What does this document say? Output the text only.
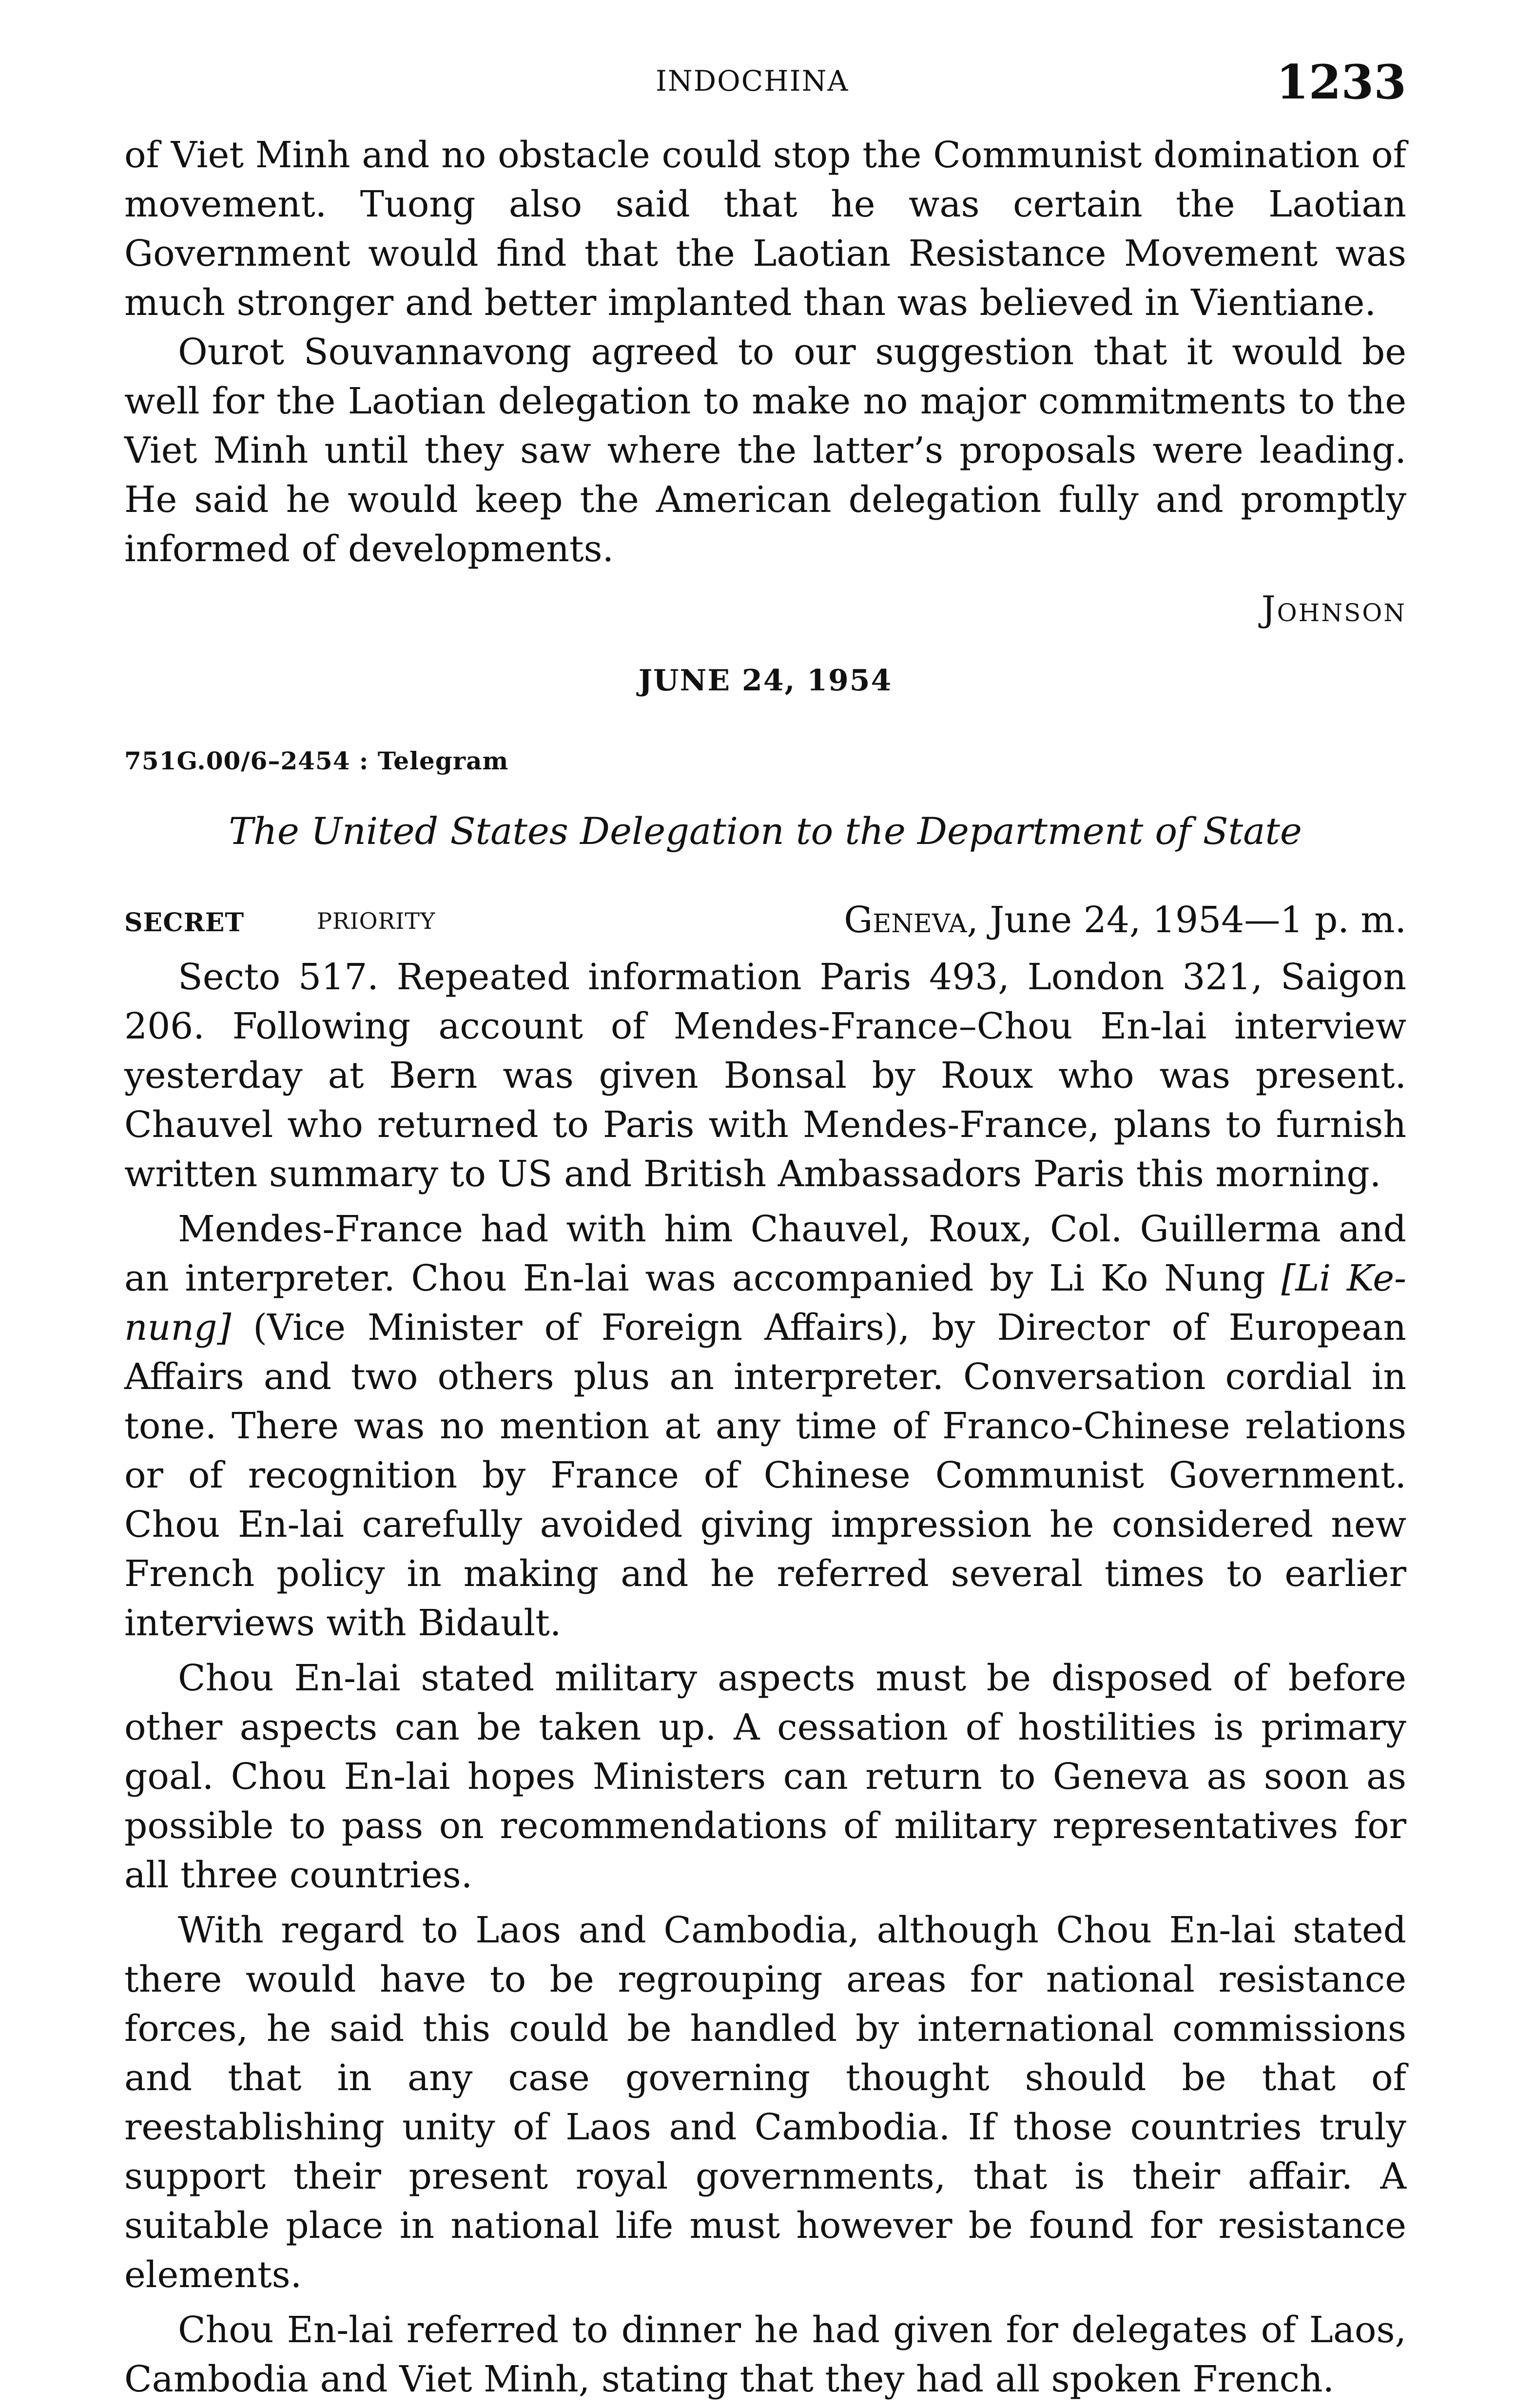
INDOCHINA	1233

of Viet Minh and no obstacle could stop the Communist domination of movement. Tuong also said that he was certain the Laotian Government would find that the Laotian Resistance Movement was much stronger and better implanted than was believed in Vientiane.

Ourot Souvannavong agreed to our suggestion that it would be well for the Laotian delegation to make no major commitments to the Viet Minh until they saw where the latter’s proposals were leading. He said he would keep the American delegation fully and promptly informed of developments.

Johnson
JUNE 24, 1954
751G.00/6–2454 : Telegram
The United States Delegation to the Department of State
SECRET	PRIORITY	Geneva, June 24, 1954—1 p. m.

Secto 517. Repeated information Paris 493, London 321, Saigon 206. Following account of Mendes-France–Chou En-lai interview yesterday at Bern was given Bonsal by Roux who was present. Chauvel who returned to Paris with Mendes-France, plans to furnish written summary to US and British Ambassadors Paris this morning.

Mendes-France had with him Chauvel, Roux, Col. Guillerma and an interpreter. Chou En-lai was accompanied by Li Ko Nung [Li Ke-nung] (Vice Minister of Foreign Affairs), by Director of European Affairs and two others plus an interpreter. Conversation cordial in tone. There was no mention at any time of Franco-Chinese relations or of recognition by France of Chinese Communist Government. Chou En-lai carefully avoided giving impression he considered new French policy in making and he referred several times to earlier interviews with Bidault.

Chou En-lai stated military aspects must be disposed of before other aspects can be taken up. A cessation of hostilities is primary goal. Chou En-lai hopes Ministers can return to Geneva as soon as possible to pass on recommendations of military representatives for all three countries.

With regard to Laos and Cambodia, although Chou En-lai stated there would have to be regrouping areas for national resistance forces, he said this could be handled by international commissions and that in any case governing thought should be that of reestablishing unity of Laos and Cambodia. If those countries truly support their present royal governments, that is their affair. A suitable place in national life must however be found for resistance elements.

Chou En-lai referred to dinner he had given for delegates of Laos, Cambodia and Viet Minh, stating that they had all spoken French.
